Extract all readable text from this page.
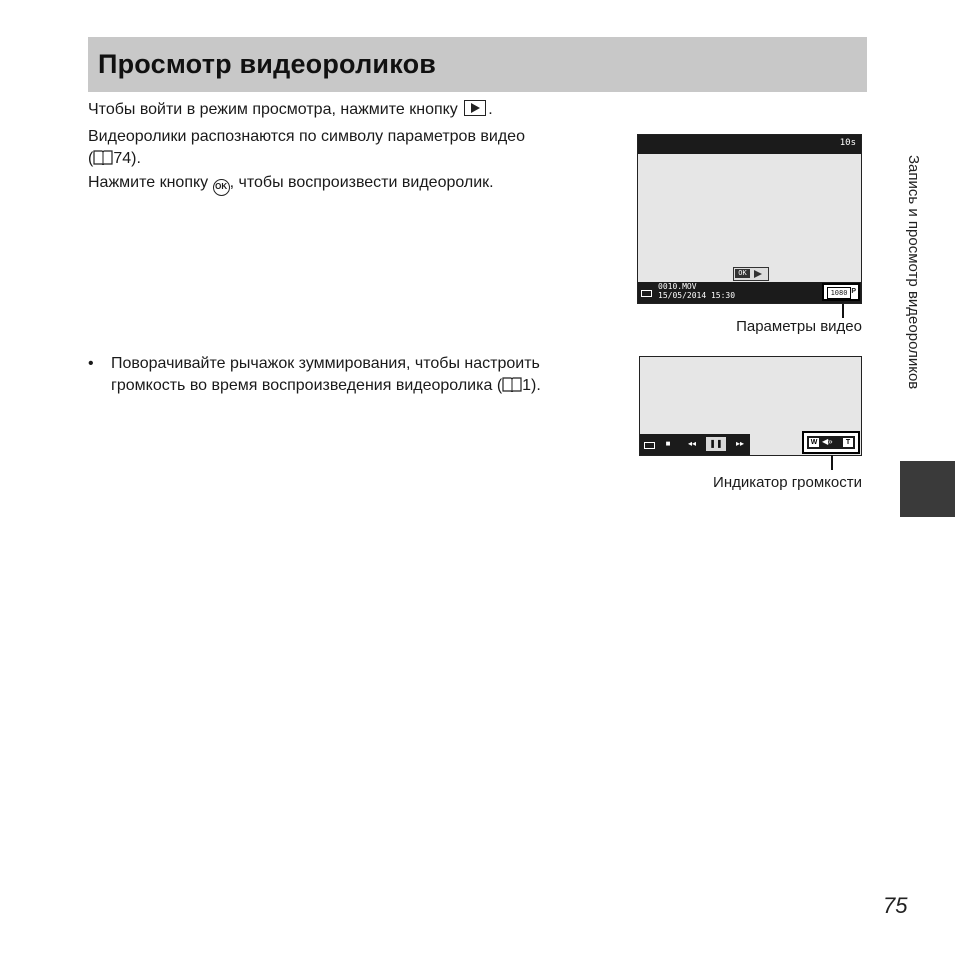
Просмотр видеороликов
Чтобы войти в режим просмотра, нажмите кнопку .
Видеоролики распознаются по символу параметров видео
( 74).
Нажмите кнопку OK , чтобы воспроизвести видеоролик.
• Поворачивайте рычажок зуммирования, чтобы настроить
громкость во время воспроизведения видеоролика ( 1).
10s
OK
0010.MOV
15/05/2014 15:30	1080 P
Параметры видео
■	◂◂	❚❚	▸▸	W ◀»	T
Индикатор громкости
Запись и просмотр видеороликов
75
